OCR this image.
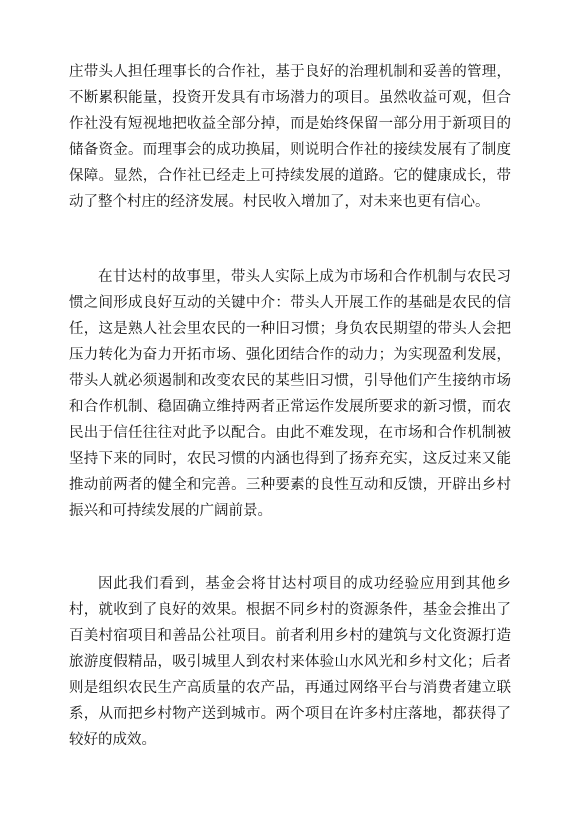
庄带头人担任理事长的合作社，基于良好的治理机制和妥善的管理，不断累积能量，投资开发具有市场潜力的项目。虽然收益可观，但合作社没有短视地把收益全部分掉，而是始终保留一部分用于新项目的储备资金。而理事会的成功换届，则说明合作社的接续发展有了制度保障。显然，合作社已经走上可持续发展的道路。它的健康成长，带动了整个村庄的经济发展。村民收入增加了，对未来也更有信心。

在甘达村的故事里，带头人实际上成为市场和合作机制与农民习惯之间形成良好互动的关键中介：带头人开展工作的基础是农民的信任，这是熟人社会里农民的一种旧习惯；身负农民期望的带头人会把压力转化为奋力开拓市场、强化团结合作的动力；为实现盈利发展，带头人就必须遏制和改变农民的某些旧习惯，引导他们产生接纳市场和合作机制、稳固确立维持两者正常运作发展所要求的新习惯，而农民出于信任往往对此予以配合。由此不难发现，在市场和合作机制被坚持下来的同时，农民习惯的内涵也得到了扬弃充实，这反过来又能推动前两者的健全和完善。三种要素的良性互动和反馈，开辟出乡村振兴和可持续发展的广阔前景。

因此我们看到，基金会将甘达村项目的成功经验应用到其他乡村，就收到了良好的效果。根据不同乡村的资源条件，基金会推出了百美村宿项目和善品公社项目。前者利用乡村的建筑与文化资源打造旅游度假精品，吸引城里人到农村来体验山水风光和乡村文化；后者则是组织农民生产高质量的农产品，再通过网络平台与消费者建立联系，从而把乡村物产送到城市。两个项目在许多村庄落地，都获得了较好的成效。
